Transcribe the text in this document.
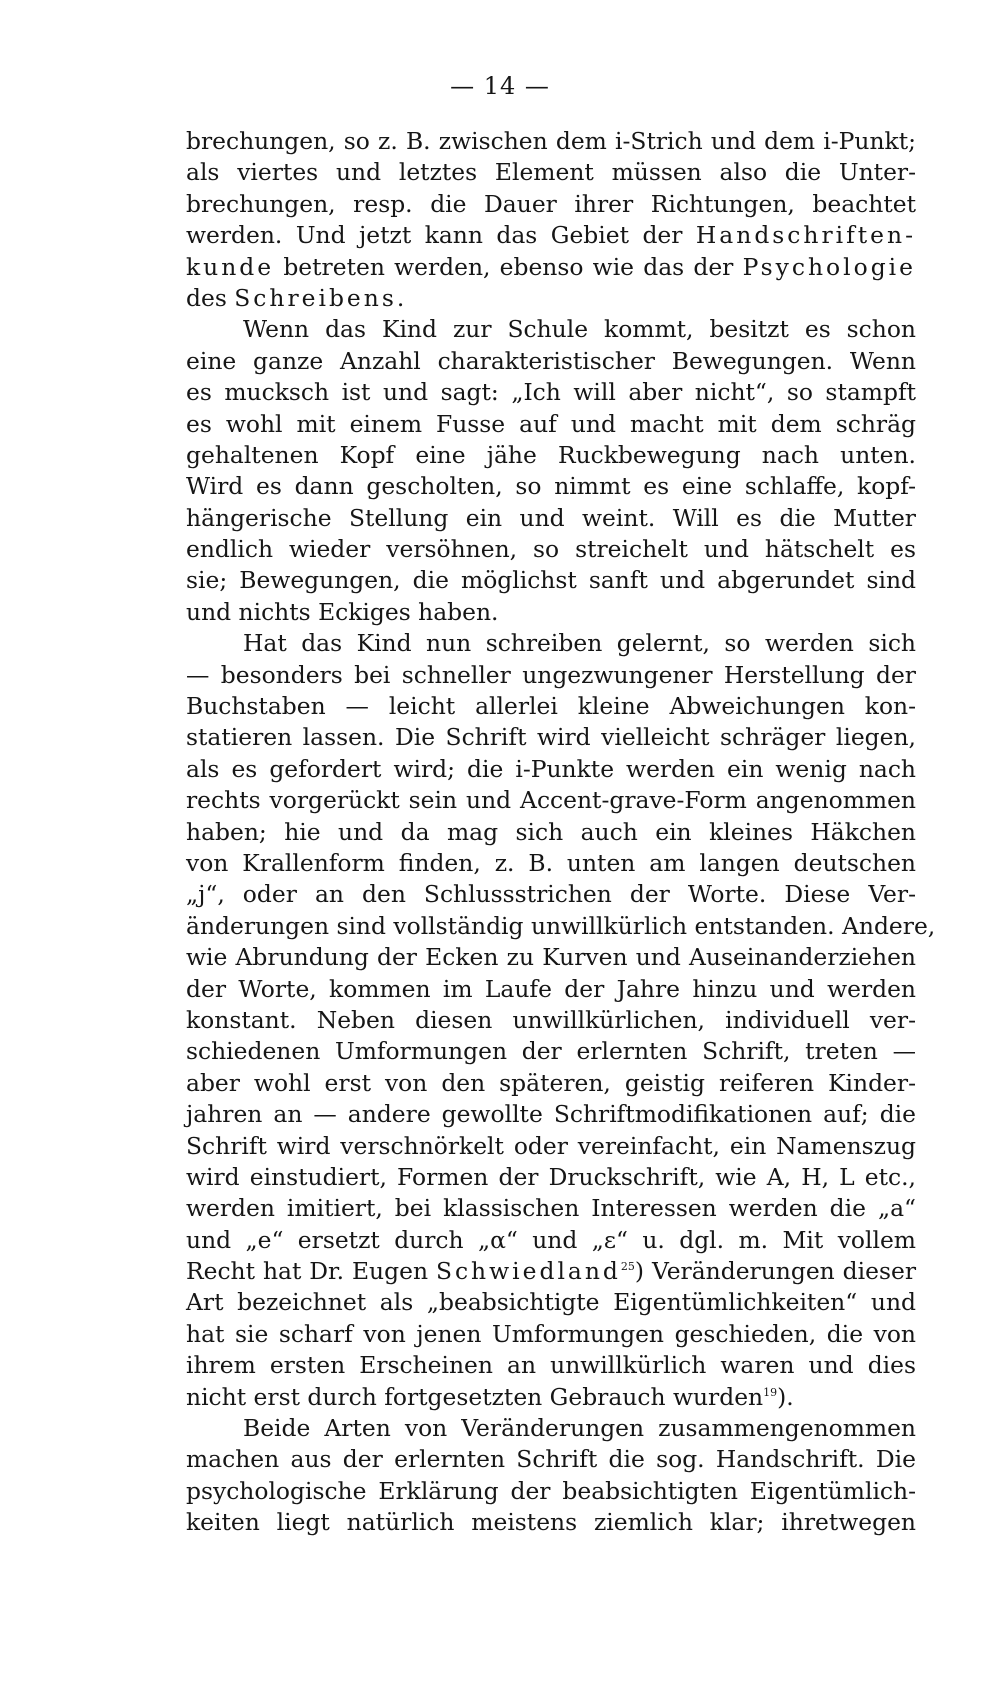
— 14 —
brechungen, so z. B. zwischen dem i-Strich und dem i-Punkt;
als viertes und letztes Element müssen also die Unter-
brechungen, resp. die Dauer ihrer Richtungen, beachtet
werden. Und jetzt kann das Gebiet der Handschriften-
kunde betreten werden, ebenso wie das der Psychologie
des Schreibens.
Wenn das Kind zur Schule kommt, besitzt es schon
eine ganze Anzahl charakteristischer Bewegungen. Wenn
es mucksch ist und sagt: „Ich will aber nicht“, so stampft
es wohl mit einem Fusse auf und macht mit dem schräg
gehaltenen Kopf eine jähe Ruckbewegung nach unten.
Wird es dann gescholten, so nimmt es eine schlaffe, kopf-
hängerische Stellung ein und weint. Will es die Mutter
endlich wieder versöhnen, so streichelt und hätschelt es
sie; Bewegungen, die möglichst sanft und abgerundet sind
und nichts Eckiges haben.
Hat das Kind nun schreiben gelernt, so werden sich
— besonders bei schneller ungezwungener Herstellung der
Buchstaben — leicht allerlei kleine Abweichungen kon-
statieren lassen. Die Schrift wird vielleicht schräger liegen,
als es gefordert wird; die i-Punkte werden ein wenig nach
rechts vorgerückt sein und Accent-grave-Form angenommen
haben; hie und da mag sich auch ein kleines Häkchen
von Krallenform finden, z. B. unten am langen deutschen
„j“, oder an den Schlussstrichen der Worte. Diese Ver-
änderungen sind vollständig unwillkürlich entstanden. Andere,
wie Abrundung der Ecken zu Kurven und Auseinanderziehen
der Worte, kommen im Laufe der Jahre hinzu und werden
konstant. Neben diesen unwillkürlichen, individuell ver-
schiedenen Umformungen der erlernten Schrift, treten —
aber wohl erst von den späteren, geistig reiferen Kinder-
jahren an — andere gewollte Schriftmodifikationen auf; die
Schrift wird verschnörkelt oder vereinfacht, ein Namenszug
wird einstudiert, Formen der Druckschrift, wie A, H, L etc.,
werden imitiert, bei klassischen Interessen werden die „a“
und „e“ ersetzt durch „α“ und „ε“ u. dgl. m. Mit vollem
Recht hat Dr. Eugen Schwiedland$^{25}$) Veränderungen dieser
Art bezeichnet als „beabsichtigte Eigentümlichkeiten“ und
hat sie scharf von jenen Umformungen geschieden, die von
ihrem ersten Erscheinen an unwillkürlich waren und dies
nicht erst durch fortgesetzten Gebrauch wurden$^{19}$).
Beide Arten von Veränderungen zusammengenommen
machen aus der erlernten Schrift die sog. Handschrift. Die
psychologische Erklärung der beabsichtigten Eigentümlich-
keiten liegt natürlich meistens ziemlich klar; ihretwegen
